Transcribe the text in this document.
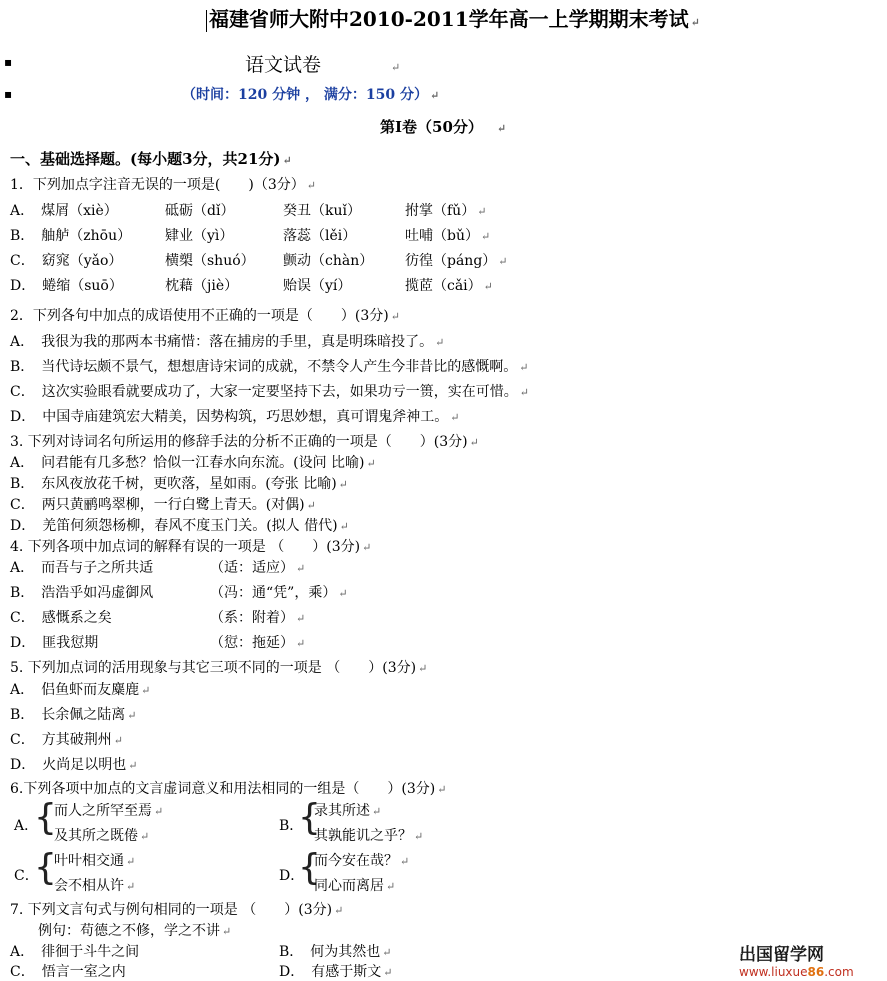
福建省师大附中2010-2011学年高一上学期期末考试 ↵
▪	语文试卷	↵
▪	（时间：120 分钟 ， 满分：150 分） ↵
第Ⅰ卷（50分） ↵
一、基础选择题。(每小题3分，共21分) ↵
1．下列加点字注音无误的一项是(　　)（3分） ↵
A．　煤屑（xiè）	砥砺（dǐ）	癸丑（kuǐ）	拊掌（fǔ） ↵
B．　舳舻（zhōu） 肄业（yì）	落蕊（lěi）	吐哺（bǔ） ↵
C．　窈窕（yǎo）	横槊（shuó） 颤动（chàn） 彷徨（páng） ↵
D．　蜷缩（suō）	枕藉（jiè）	贻误（yí）	揽茝（cǎi） ↵
2．下列各句中加点的成语使用不正确的一项是（　　）(3分) ↵
A．　我很为我的那两本书痛惜：落在捕房的手里，真是明珠暗投了。 ↵
B．　当代诗坛颇不景气，想想唐诗宋词的成就，不禁令人产生今非昔比的感慨啊。 ↵
C．　这次实验眼看就要成功了，大家一定要坚持下去，如果功亏一篑，实在可惜。 ↵
D．　中国寺庙建筑宏大精美，因势构筑，巧思妙想，真可谓鬼斧神工。 ↵
3. 下列对诗词名句所运用的修辞手法的分析不正确的一项是（　　）(3分) ↵
A．　问君能有几多愁？恰似一江春水向东流。(设问 比喻) ↵
B．　东风夜放花千树，更吹落，星如雨。(夸张 比喻) ↵
C．　两只黄鹂鸣翠柳，一行白鹭上青天。(对偶) ↵
D．　羌笛何须怨杨柳，春风不度玉门关。(拟人 借代) ↵
4. 下列各项中加点词的解释有误的一项是 （　　）(3分) ↵
A．　而吾与子之所共适	（适：适应） ↵
B．　浩浩乎如冯虚御风	（冯：通“凭”，乘） ↵
C．　感慨系之矣	（系：附着） ↵
D．　匪我愆期	（愆：拖延） ↵
5. 下列加点词的活用现象与其它三项不同的一项是 （　　）(3分) ↵
A．　侣鱼虾而友麋鹿 ↵
B．　长余佩之陆离 ↵
C．　方其破荆州 ↵
D．　火尚足以明也 ↵
6.下列各项中加点的文言虚词意义和用法相同的一组是（　　）(3分) ↵
A．
{
而人之所罕至焉 ↵
及其所之既倦 ↵
B．
{
录其所述 ↵
其孰能讥之乎？ ↵
C．
{
叶叶相交通 ↵
会不相从许 ↵
D．
{
而今安在哉？ ↵
同心而离居 ↵
7. 下列文言句式与例句相同的一项是 （　　）(3分) ↵
例句：苟德之不修，学之不讲 ↵
A．　徘徊于斗牛之间	B．　何为其然也 ↵
C．　悟言一室之内	D．　有感于斯文 ↵
出国留学网
www.liuxue86.com
